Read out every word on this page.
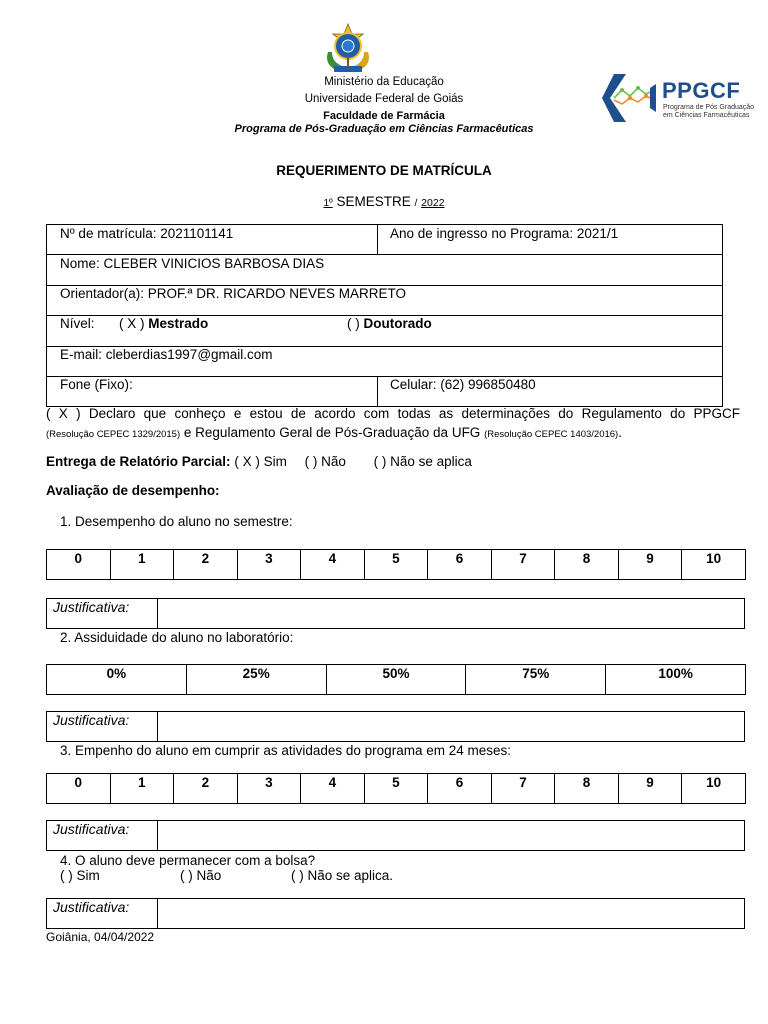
Ministério da Educação
Universidade Federal de Goiás
Faculdade de Farmácia
Programa de Pós-Graduação em Ciências Farmacêuticas
PPGCF
Programa de Pós Graduação
em Ciências Farmacêuticas
REQUERIMENTO DE MATRÍCULA
1º SEMESTRE / 2022
Nº de matrícula: 2021101141	Ano de ingresso no Programa: 2021/1
Nome: CLEBER VINICIOS BARBOSA DIAS
Orientador(a): PROF.ª DR. RICARDO NEVES MARRETO
Nível: ( X ) Mestrado	( ) Doutorado
E-mail: cleberdias1997@gmail.com
Fone (Fixo):	Celular: (62) 996850480
( X ) Declaro que conheço e estou de acordo com todas as determinações do Regulamento do PPGCF
(Resolução CEPEC 1329/2015) e Regulamento Geral de Pós-Graduação da UFG (Resolução CEPEC 1403/2016).
Entrega de Relatório Parcial: ( X ) Sim ( ) Não ( ) Não se aplica
Avaliação de desempenho:
1. Desempenho do aluno no semestre:
0	1	2	3	4	5	6	7	8	9	10
Justificativa:
2. Assiduidade do aluno no laboratório:
0%	25%	50%	75%	100%
Justificativa:
3. Empenho do aluno em cumprir as atividades do programa em 24 meses:
0	1	2	3	4	5	6	7	8	9	10
Justificativa:
4. O aluno deve permanecer com a bolsa?
( ) Sim	( ) Não	( ) Não se aplica.
Justificativa:
Goiânia, 04/04/2022
